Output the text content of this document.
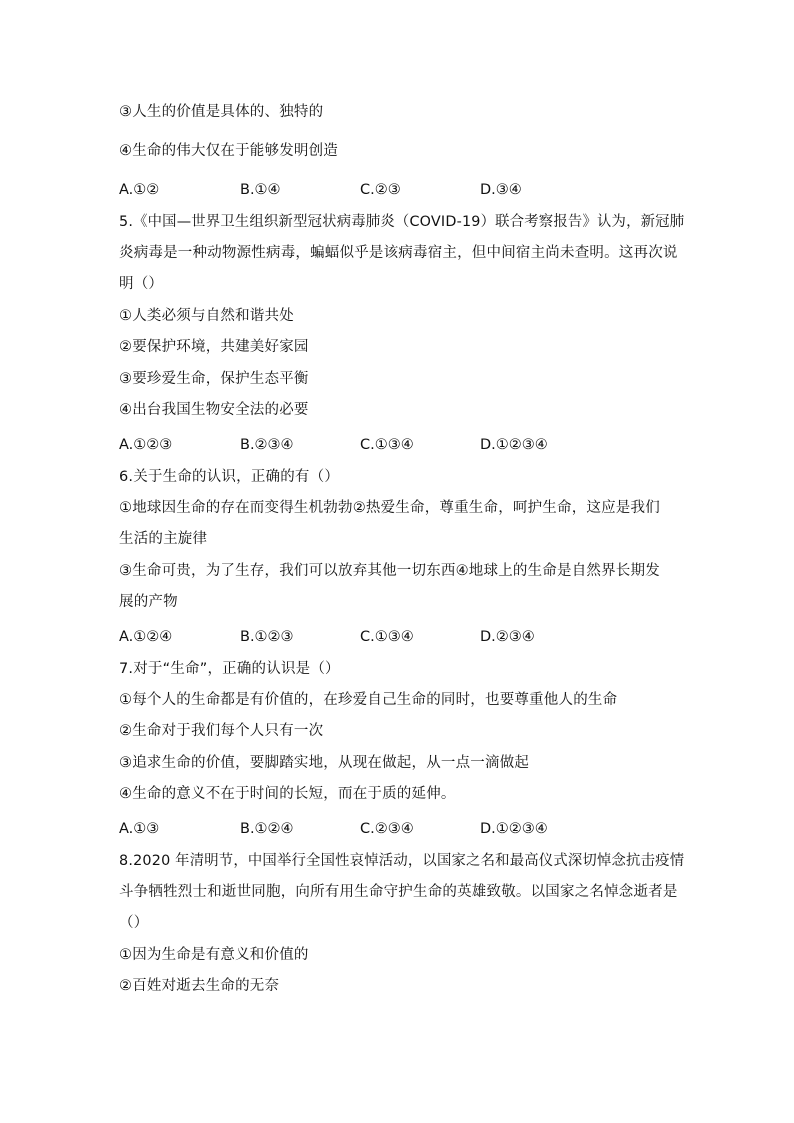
③人生的价值是具体的、独特的
④生命的伟大仅在于能够发明创造
A.①②	B.①④	C.②③	D.③④
5.《中国—世界卫生组织新型冠状病毒肺炎（COVID-19）联合考察报告》认为，新冠肺
炎病毒是一种动物源性病毒，蝙蝠似乎是该病毒宿主，但中间宿主尚未查明。这再次说
明（）
①人类必须与自然和谐共处
②要保护环境，共建美好家园
③要珍爱生命，保护生态平衡
④出台我国生物安全法的必要
A.①②③	B.②③④	C.①③④	D.①②③④
6.关于生命的认识，正确的有（）
①地球因生命的存在而变得生机勃勃②热爱生命，尊重生命，呵护生命，这应是我们
生活的主旋律
③生命可贵，为了生存，我们可以放弃其他一切东西④地球上的生命是自然界长期发
展的产物
A.①②④	B.①②③	C.①③④	D.②③④
7.对于“生命”，正确的认识是（）
①每个人的生命都是有价值的，在珍爱自己生命的同时，也要尊重他人的生命
②生命对于我们每个人只有一次
③追求生命的价值，要脚踏实地，从现在做起，从一点一滴做起
④生命的意义不在于时间的长短，而在于质的延伸。
A.①③	B.①②④	C.②③④	D.①②③④
8.2020 年清明节，中国举行全国性哀悼活动，以国家之名和最高仪式深切悼念抗击疫情
斗争牺牲烈士和逝世同胞，向所有用生命守护生命的英雄致敬。以国家之名悼念逝者是
（）
①因为生命是有意义和价值的
②百姓对逝去生命的无奈
